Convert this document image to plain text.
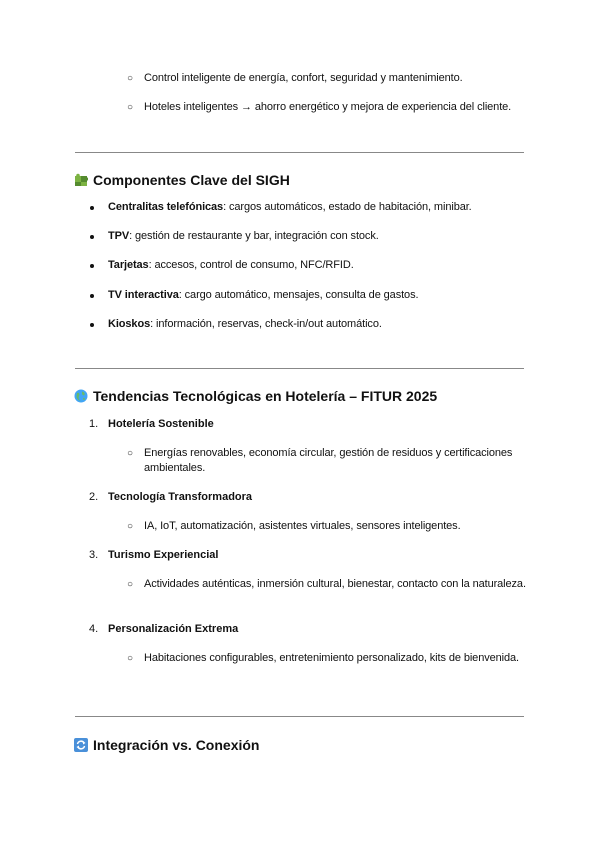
○ Control inteligente de energía, confort, seguridad y mantenimiento.
○ Hoteles inteligentes → ahorro energético y mejora de experiencia del cliente.
Componentes Clave del SIGH
Centralitas telefónicas: cargos automáticos, estado de habitación, minibar.
TPV: gestión de restaurante y bar, integración con stock.
Tarjetas: accesos, control de consumo, NFC/RFID.
TV interactiva: cargo automático, mensajes, consulta de gastos.
Kioskos: información, reservas, check-in/out automático.
Tendencias Tecnológicas en Hotelería – FITUR 2025
1. Hotelería Sostenible
○ Energías renovables, economía circular, gestión de residuos y certificaciones ambientales.
2. Tecnología Transformadora
○ IA, IoT, automatización, asistentes virtuales, sensores inteligentes.
3. Turismo Experiencial
○ Actividades auténticas, inmersión cultural, bienestar, contacto con la naturaleza.
4. Personalización Extrema
○ Habitaciones configurables, entretenimiento personalizado, kits de bienvenida.
Integración vs. Conexión
